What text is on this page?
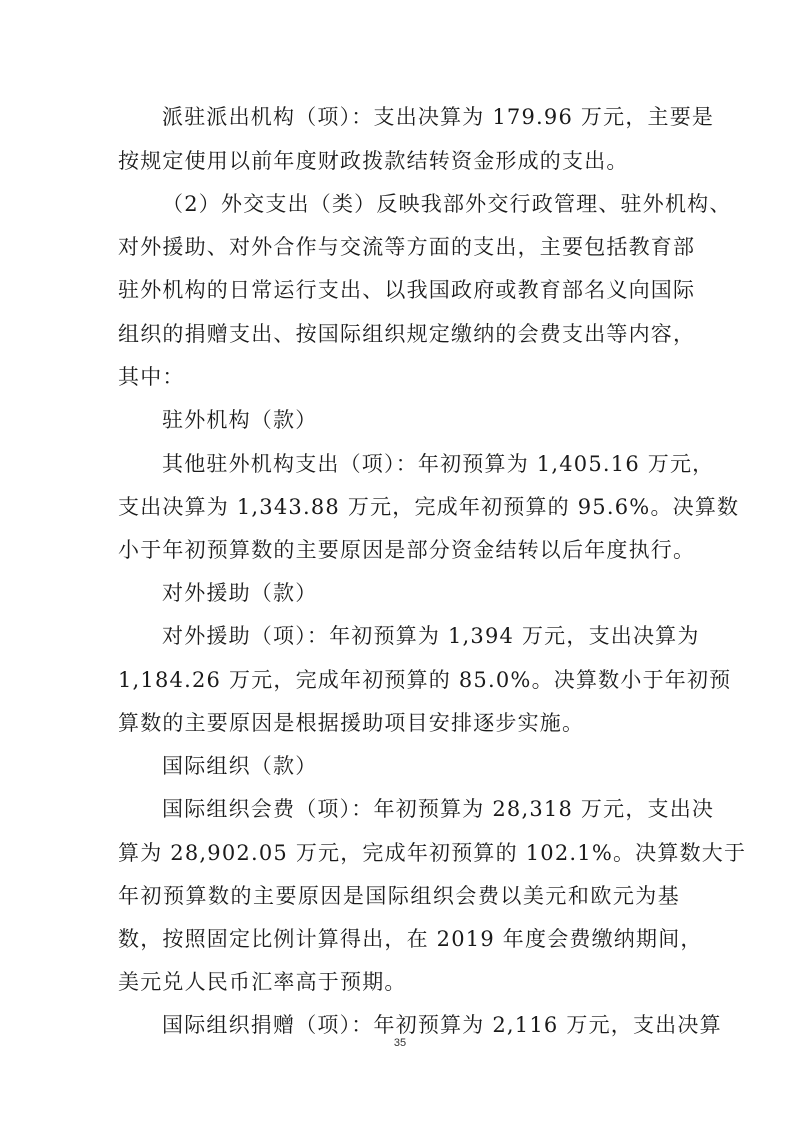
派驻派出机构（项）：支出决算为 179.96 万元，主要是
按规定使用以前年度财政拨款结转资金形成的支出。
（2）外交支出（类）反映我部外交行政管理、驻外机构、
对外援助、对外合作与交流等方面的支出，主要包括教育部
驻外机构的日常运行支出、以我国政府或教育部名义向国际
组织的捐赠支出、按国际组织规定缴纳的会费支出等内容，
其中：
驻外机构（款）
其他驻外机构支出（项）：年初预算为 1,405.16 万元，
支出决算为 1,343.88 万元，完成年初预算的 95.6%。决算数
小于年初预算数的主要原因是部分资金结转以后年度执行。
对外援助（款）
对外援助（项）：年初预算为 1,394 万元，支出决算为
1,184.26 万元，完成年初预算的 85.0%。决算数小于年初预
算数的主要原因是根据援助项目安排逐步实施。
国际组织（款）
国际组织会费（项）：年初预算为 28,318 万元，支出决
算为 28,902.05 万元，完成年初预算的 102.1%。决算数大于
年初预算数的主要原因是国际组织会费以美元和欧元为基
数，按照固定比例计算得出，在 2019 年度会费缴纳期间，
美元兑人民币汇率高于预期。
国际组织捐赠（项）：年初预算为 2,116 万元，支出决算
35
